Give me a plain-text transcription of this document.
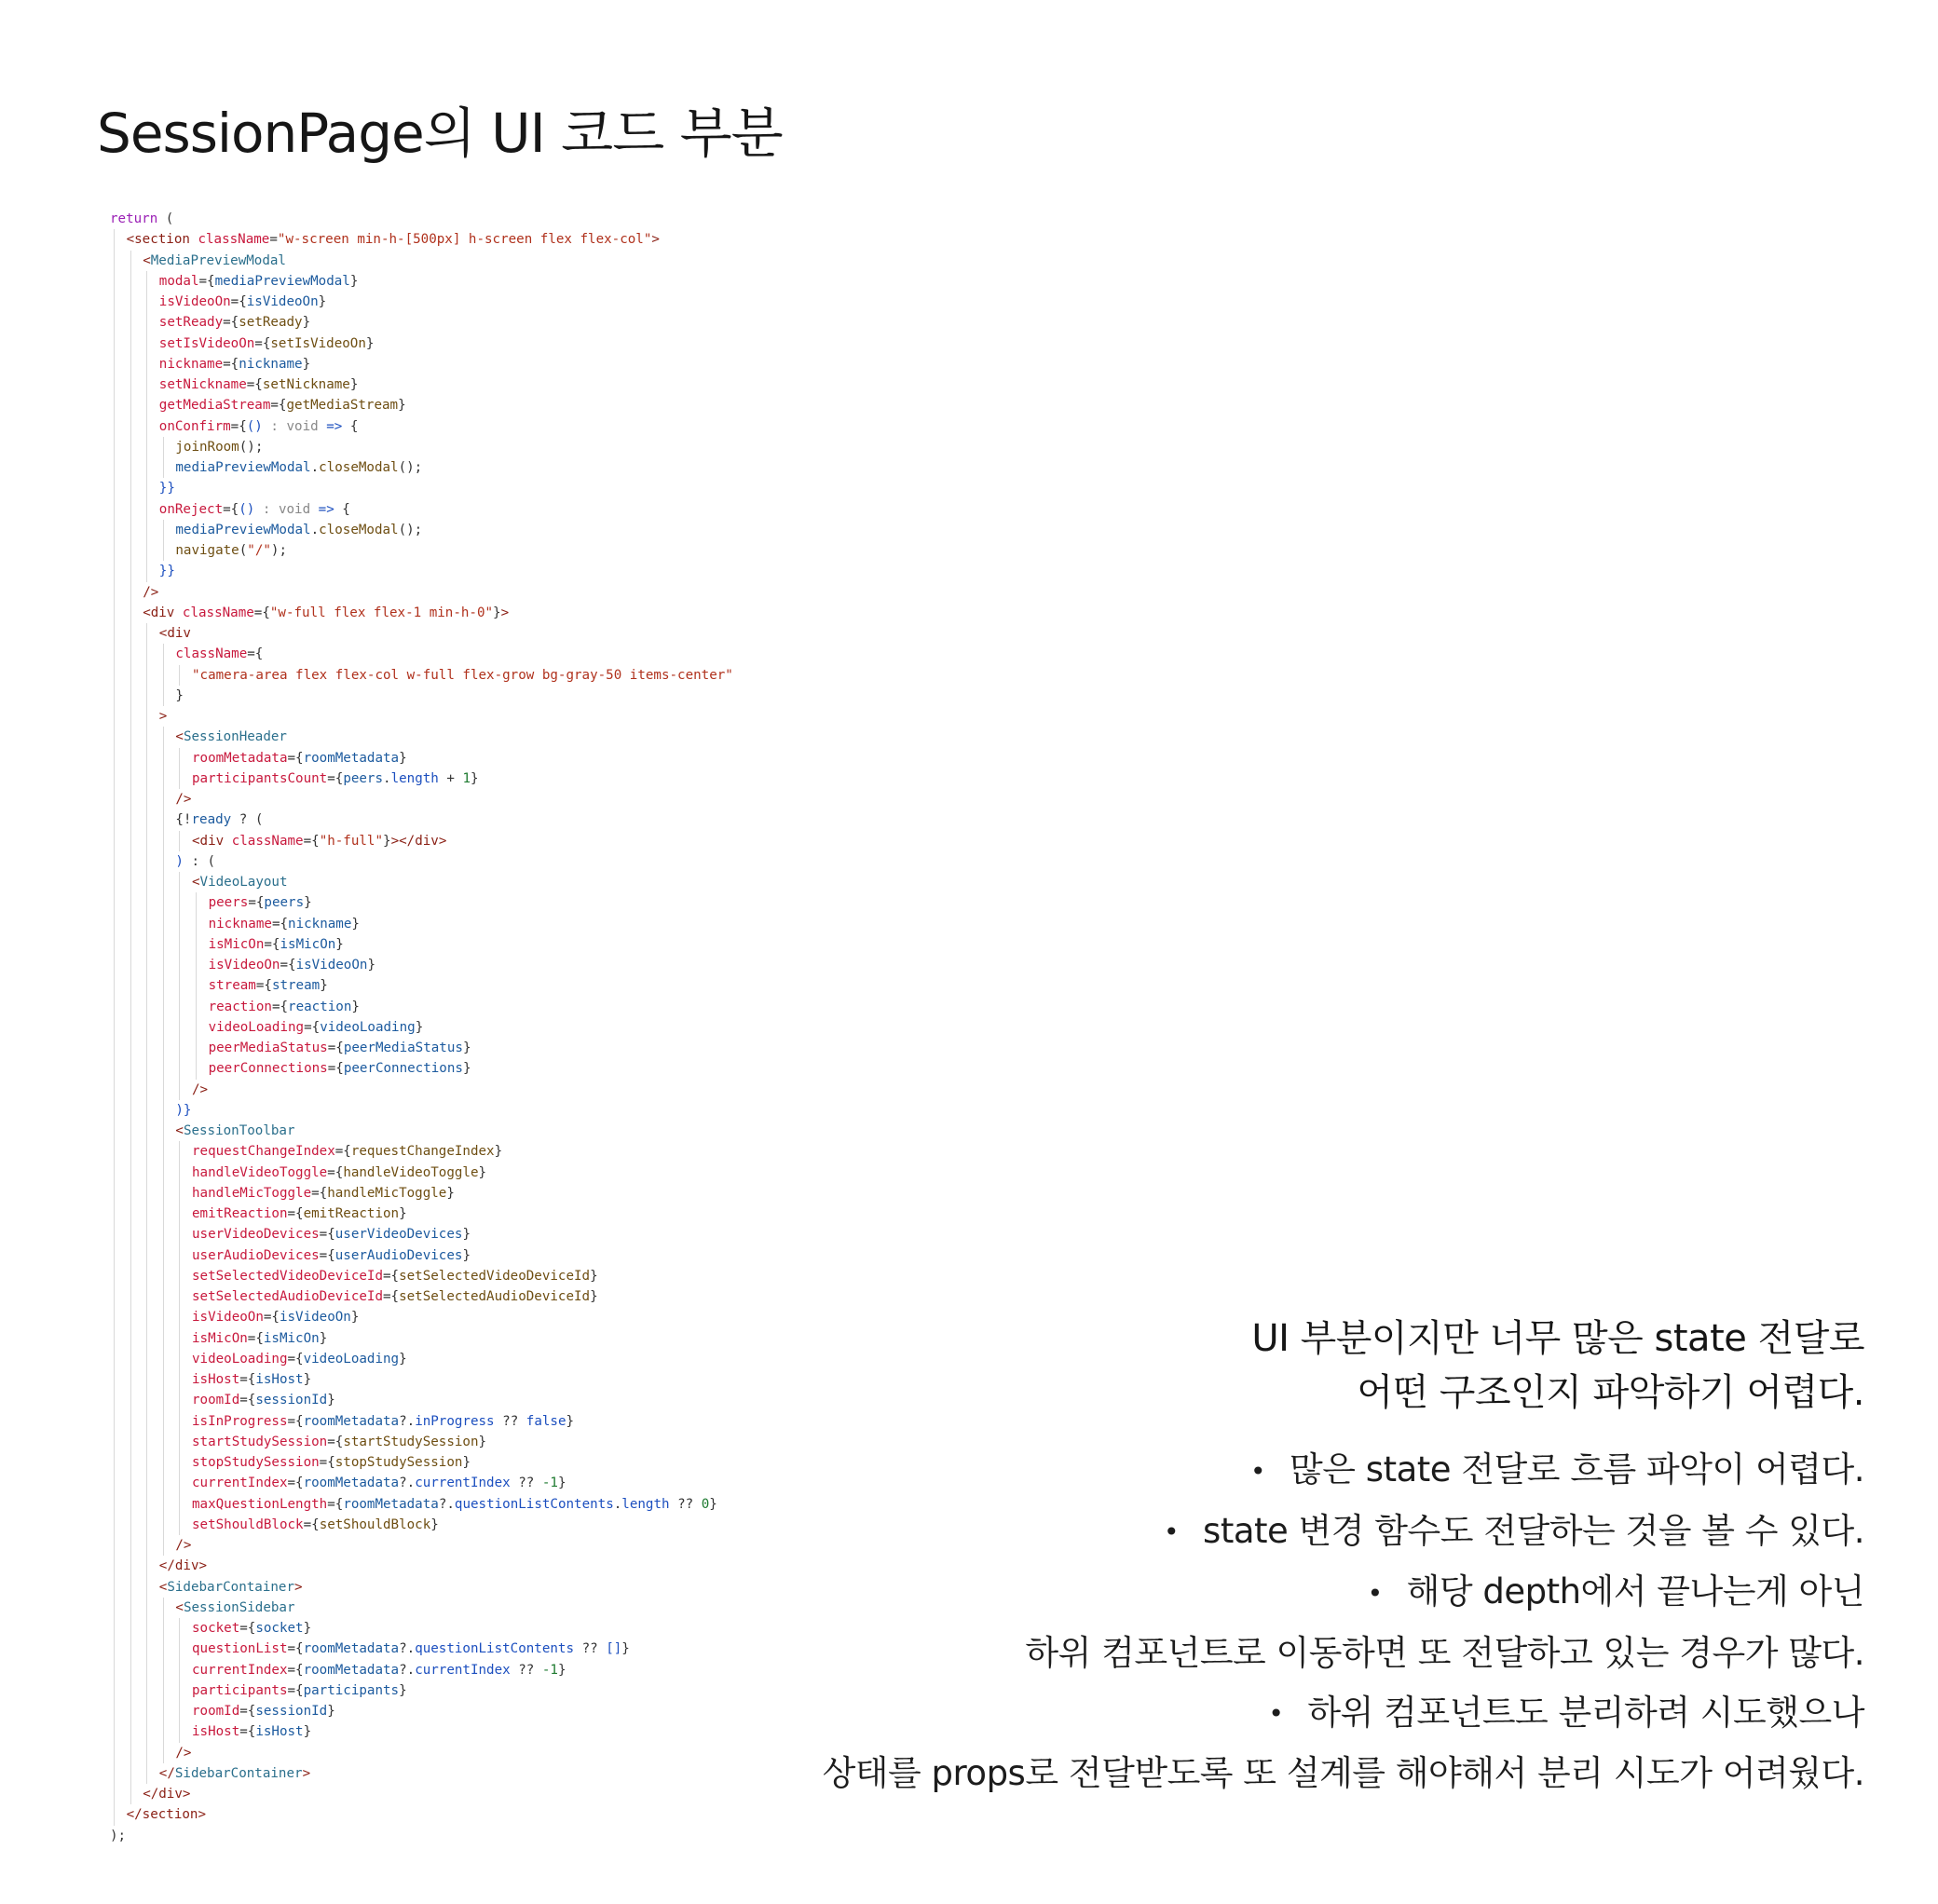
SessionPage의 UI 코드 부분
return (
<section className="w-screen min-h-[500px] h-screen flex flex-col">
<MediaPreviewModal
modal={mediaPreviewModal}
isVideoOn={isVideoOn}
setReady={setReady}
setIsVideoOn={setIsVideoOn}
nickname={nickname}
setNickname={setNickname}
getMediaStream={getMediaStream}
onConfirm={() : void => {
joinRoom();
mediaPreviewModal.closeModal();
}}
onReject={() : void => {
mediaPreviewModal.closeModal();
navigate("/");
}}
/>
<div className={"w-full flex flex-1 min-h-0"}>
<div
className={
"camera-area flex flex-col w-full flex-grow bg-gray-50 items-center"
}
>
<SessionHeader
roomMetadata={roomMetadata}
participantsCount={peers.length + 1}
/>
{!ready ? (
<div className={"h-full"}></div>
) : (
<VideoLayout
peers={peers}
nickname={nickname}
isMicOn={isMicOn}
isVideoOn={isVideoOn}
stream={stream}
reaction={reaction}
videoLoading={videoLoading}
peerMediaStatus={peerMediaStatus}
peerConnections={peerConnections}
/>
)}
<SessionToolbar
requestChangeIndex={requestChangeIndex}
handleVideoToggle={handleVideoToggle}
handleMicToggle={handleMicToggle}
emitReaction={emitReaction}
userVideoDevices={userVideoDevices}
userAudioDevices={userAudioDevices}
setSelectedVideoDeviceId={setSelectedVideoDeviceId}
setSelectedAudioDeviceId={setSelectedAudioDeviceId}
isVideoOn={isVideoOn}
isMicOn={isMicOn}
videoLoading={videoLoading}
isHost={isHost}
roomId={sessionId}
isInProgress={roomMetadata?.inProgress ?? false}
startStudySession={startStudySession}
stopStudySession={stopStudySession}
currentIndex={roomMetadata?.currentIndex ?? -1}
maxQuestionLength={roomMetadata?.questionListContents.length ?? 0}
setShouldBlock={setShouldBlock}
/>
</div>
<SidebarContainer>
<SessionSidebar
socket={socket}
questionList={roomMetadata?.questionListContents ?? []}
currentIndex={roomMetadata?.currentIndex ?? -1}
participants={participants}
roomId={sessionId}
isHost={isHost}
/>
</SidebarContainer>
</div>
</section>
);
UI 부분이지만 너무 많은 state 전달로
어떤 구조인지 파악하기 어렵다.
• 많은 state 전달로 흐름 파악이 어렵다.
• state 변경 함수도 전달하는 것을 볼 수 있다.
• 해당 depth에서 끝나는게 아닌
하위 컴포넌트로 이동하면 또 전달하고 있는 경우가 많다.
• 하위 컴포넌트도 분리하려 시도했으나
상태를 props로 전달받도록 또 설계를 해야해서 분리 시도가 어려웠다.
